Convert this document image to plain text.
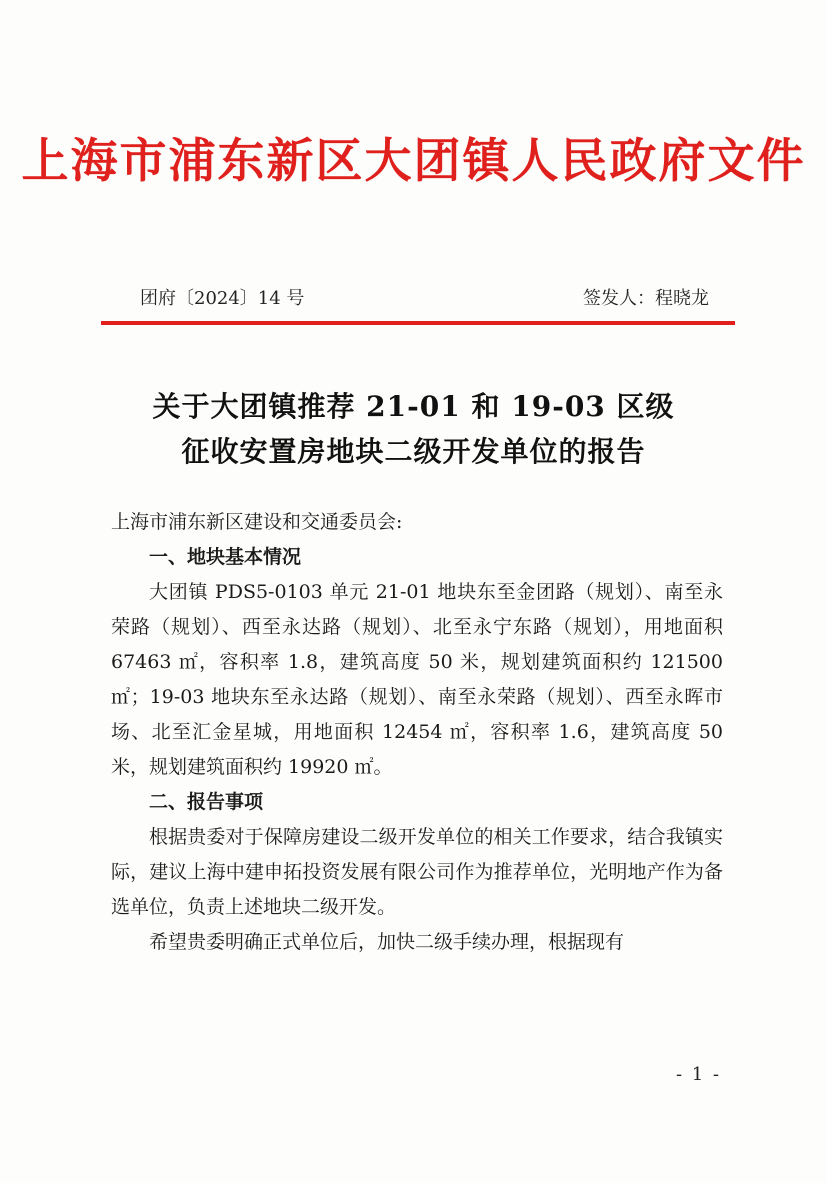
上海市浦东新区大团镇人民政府文件
团府〔2024〕14 号	签发人：程晓龙
关于大团镇推荐 21-01 和 19-03 区级
征收安置房地块二级开发单位的报告

上海市浦东新区建设和交通委员会:

一、地块基本情况

大团镇 PDS5-0103 单元 21-01 地块东至金团路（规划）、南至永荣路（规划）、西至永达路（规划）、北至永宁东路（规划），用地面积 67463 ㎡，容积率 1.8，建筑高度 50 米，规划建筑面积约 121500 ㎡；19-03 地块东至永达路（规划）、南至永荣路（规划）、西至永晖市场、北至汇金星城，用地面积 12454 ㎡，容积率 1.6，建筑高度 50 米，规划建筑面积约 19920 ㎡。

二、报告事项

根据贵委对于保障房建设二级开发单位的相关工作要求，结合我镇实际，建议上海中建申拓投资发展有限公司作为推荐单位，光明地产作为备选单位，负责上述地块二级开发。

希望贵委明确正式单位后，加快二级手续办理，根据现有

- 1 -
